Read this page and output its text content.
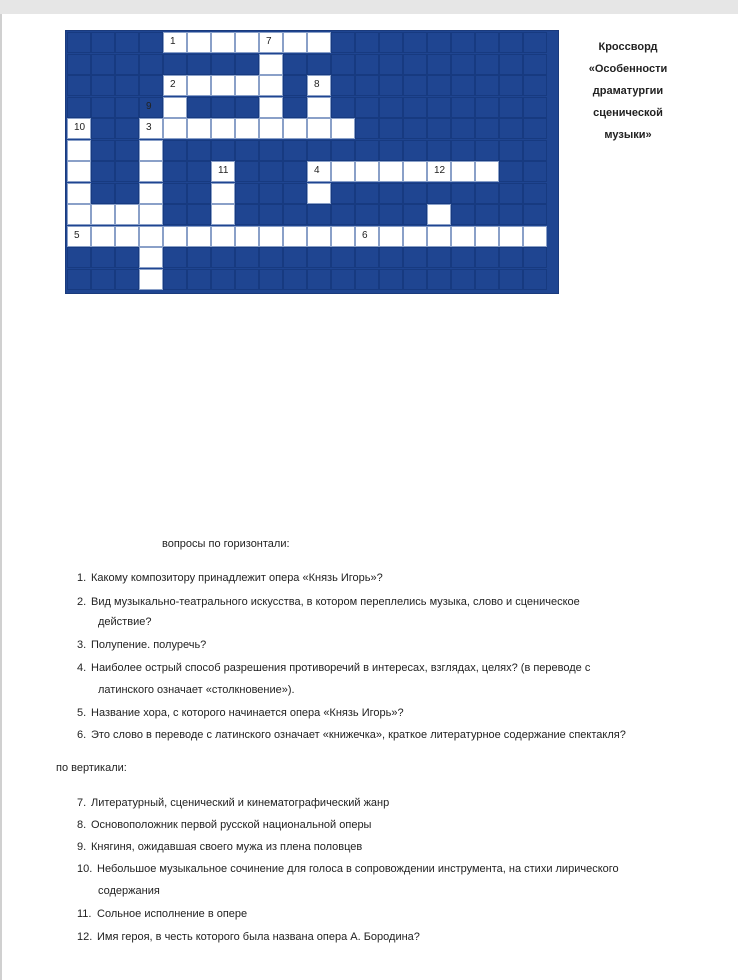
1	7
2	8
9
10	3
11	4	12
5	6
Кроссворд
«Особенности
драматургии
сценической
музыки»
вопросы по горизонтали:
1. Какому композитору принадлежит опера «Князь Игорь»?
2. Вид музыкально-театрального искусства, в котором переплелись музыка, слово и сценическое
действие?
3. Полупение. полуречь?
4. Наиболее острый способ разрешения противоречий в интересах, взглядах, целях? (в переводе с
латинского означает «столкновение»).
5. Название хора, с которого начинается опера «Князь Игорь»?
6. Это слово в переводе с латинского означает «книжечка», краткое литературное содержание спектакля?
по вертикали:
7. Литературный, сценический и кинематографический жанр
8. Основоположник первой русской национальной оперы
9. Княгиня, ожидавшая своего мужа из плена половцев
10. Небольшое музыкальное сочинение для голоса в сопровождении инструмента, на стихи лирического
содержания
11. Сольное исполнение в опере
12. Имя героя, в честь которого была названа опера А. Бородина?
